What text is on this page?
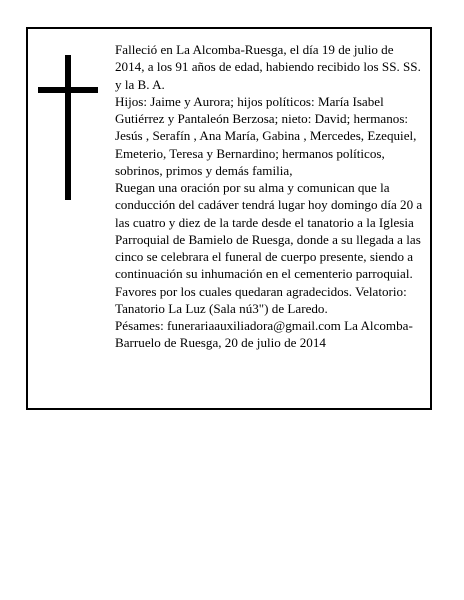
Falleció en La Alcomba-Ruesga, el día 19 de julio de 2014, a los 91 años de edad, habiendo recibido los SS. SS. y la B. A.

Hijos: Jaime y Aurora; hijos políticos: María Isabel Gutiérrez y Pantaleón Berzosa; nieto: David; hermanos: Jesús , Serafín , Ana María, Gabina , Mercedes, Ezequiel, Emeterio, Teresa y Bernardino; hermanos políticos, sobrinos, primos y demás familia,

Ruegan una oración por su alma y comunican que la conducción del cadáver tendrá lugar hoy domingo día 20 a las cuatro y diez de la tarde desde el tanatorio a la Iglesia Parroquial de Bamielo de Ruesga, donde a su llegada a las cinco se celebrara el funeral de cuerpo presente, siendo a continuación su inhumación en el cementerio parroquial. Favores por los cuales quedaran agradecidos. Velatorio: Tanatorio La Luz (Sala nú3") de Laredo.

Pésames: funerariaauxiliadora@gmail.com La Alcomba-Barruelo de Ruesga, 20 de julio de 2014
